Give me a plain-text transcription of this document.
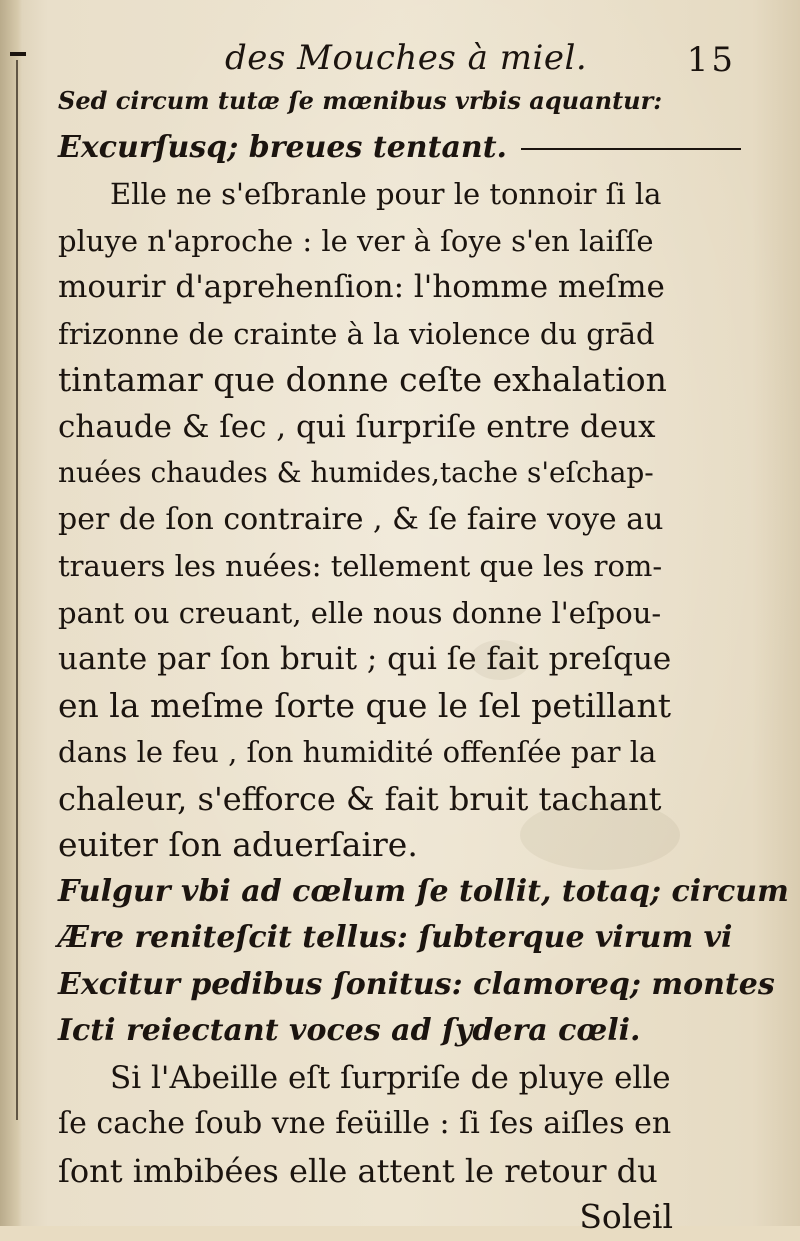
des Mouches à miel.	15
Sed circum tutæ ſe mœnibus vrbis aquantur:
Excurſusq; breues tentant.
Elle ne s'eſbranle pour le tonnoir ſi la
pluye n'aproche : le ver à ſoye s'en laiſſe
mourir d'aprehenſion: l'homme meſme
frizonne de crainte à la violence du grād
tintamar que donne ceſte exhalation
chaude & ſec , qui ſurpriſe entre deux
nuées chaudes & humides,tache s'eſchap-
per de ſon contraire , & ſe faire voye au
trauers les nuées: tellement que les rom-
pant ou creuant, elle nous donne l'eſpou-
uante par ſon bruit ; qui ſe fait preſque
en la meſme ſorte que le ſel petillant
dans le feu , ſon humidité offenſée par la
chaleur, s'efforce & fait bruit tachant
euiter ſon aduerſaire.
Fulgur vbi ad cœlum ſe tollit, totaq; circum
Ære reniteſcit tellus: ſubterque virum vi
Excitur pedibus ſonitus: clamoreq; montes
Icti reiectant voces ad ſydera cœli.
Si l'Abeille eſt ſurpriſe de pluye elle
ſe cache ſoub vne feüille : ſi ſes aiſles en
ſont imbibées elle attent le retour du
Soleil
